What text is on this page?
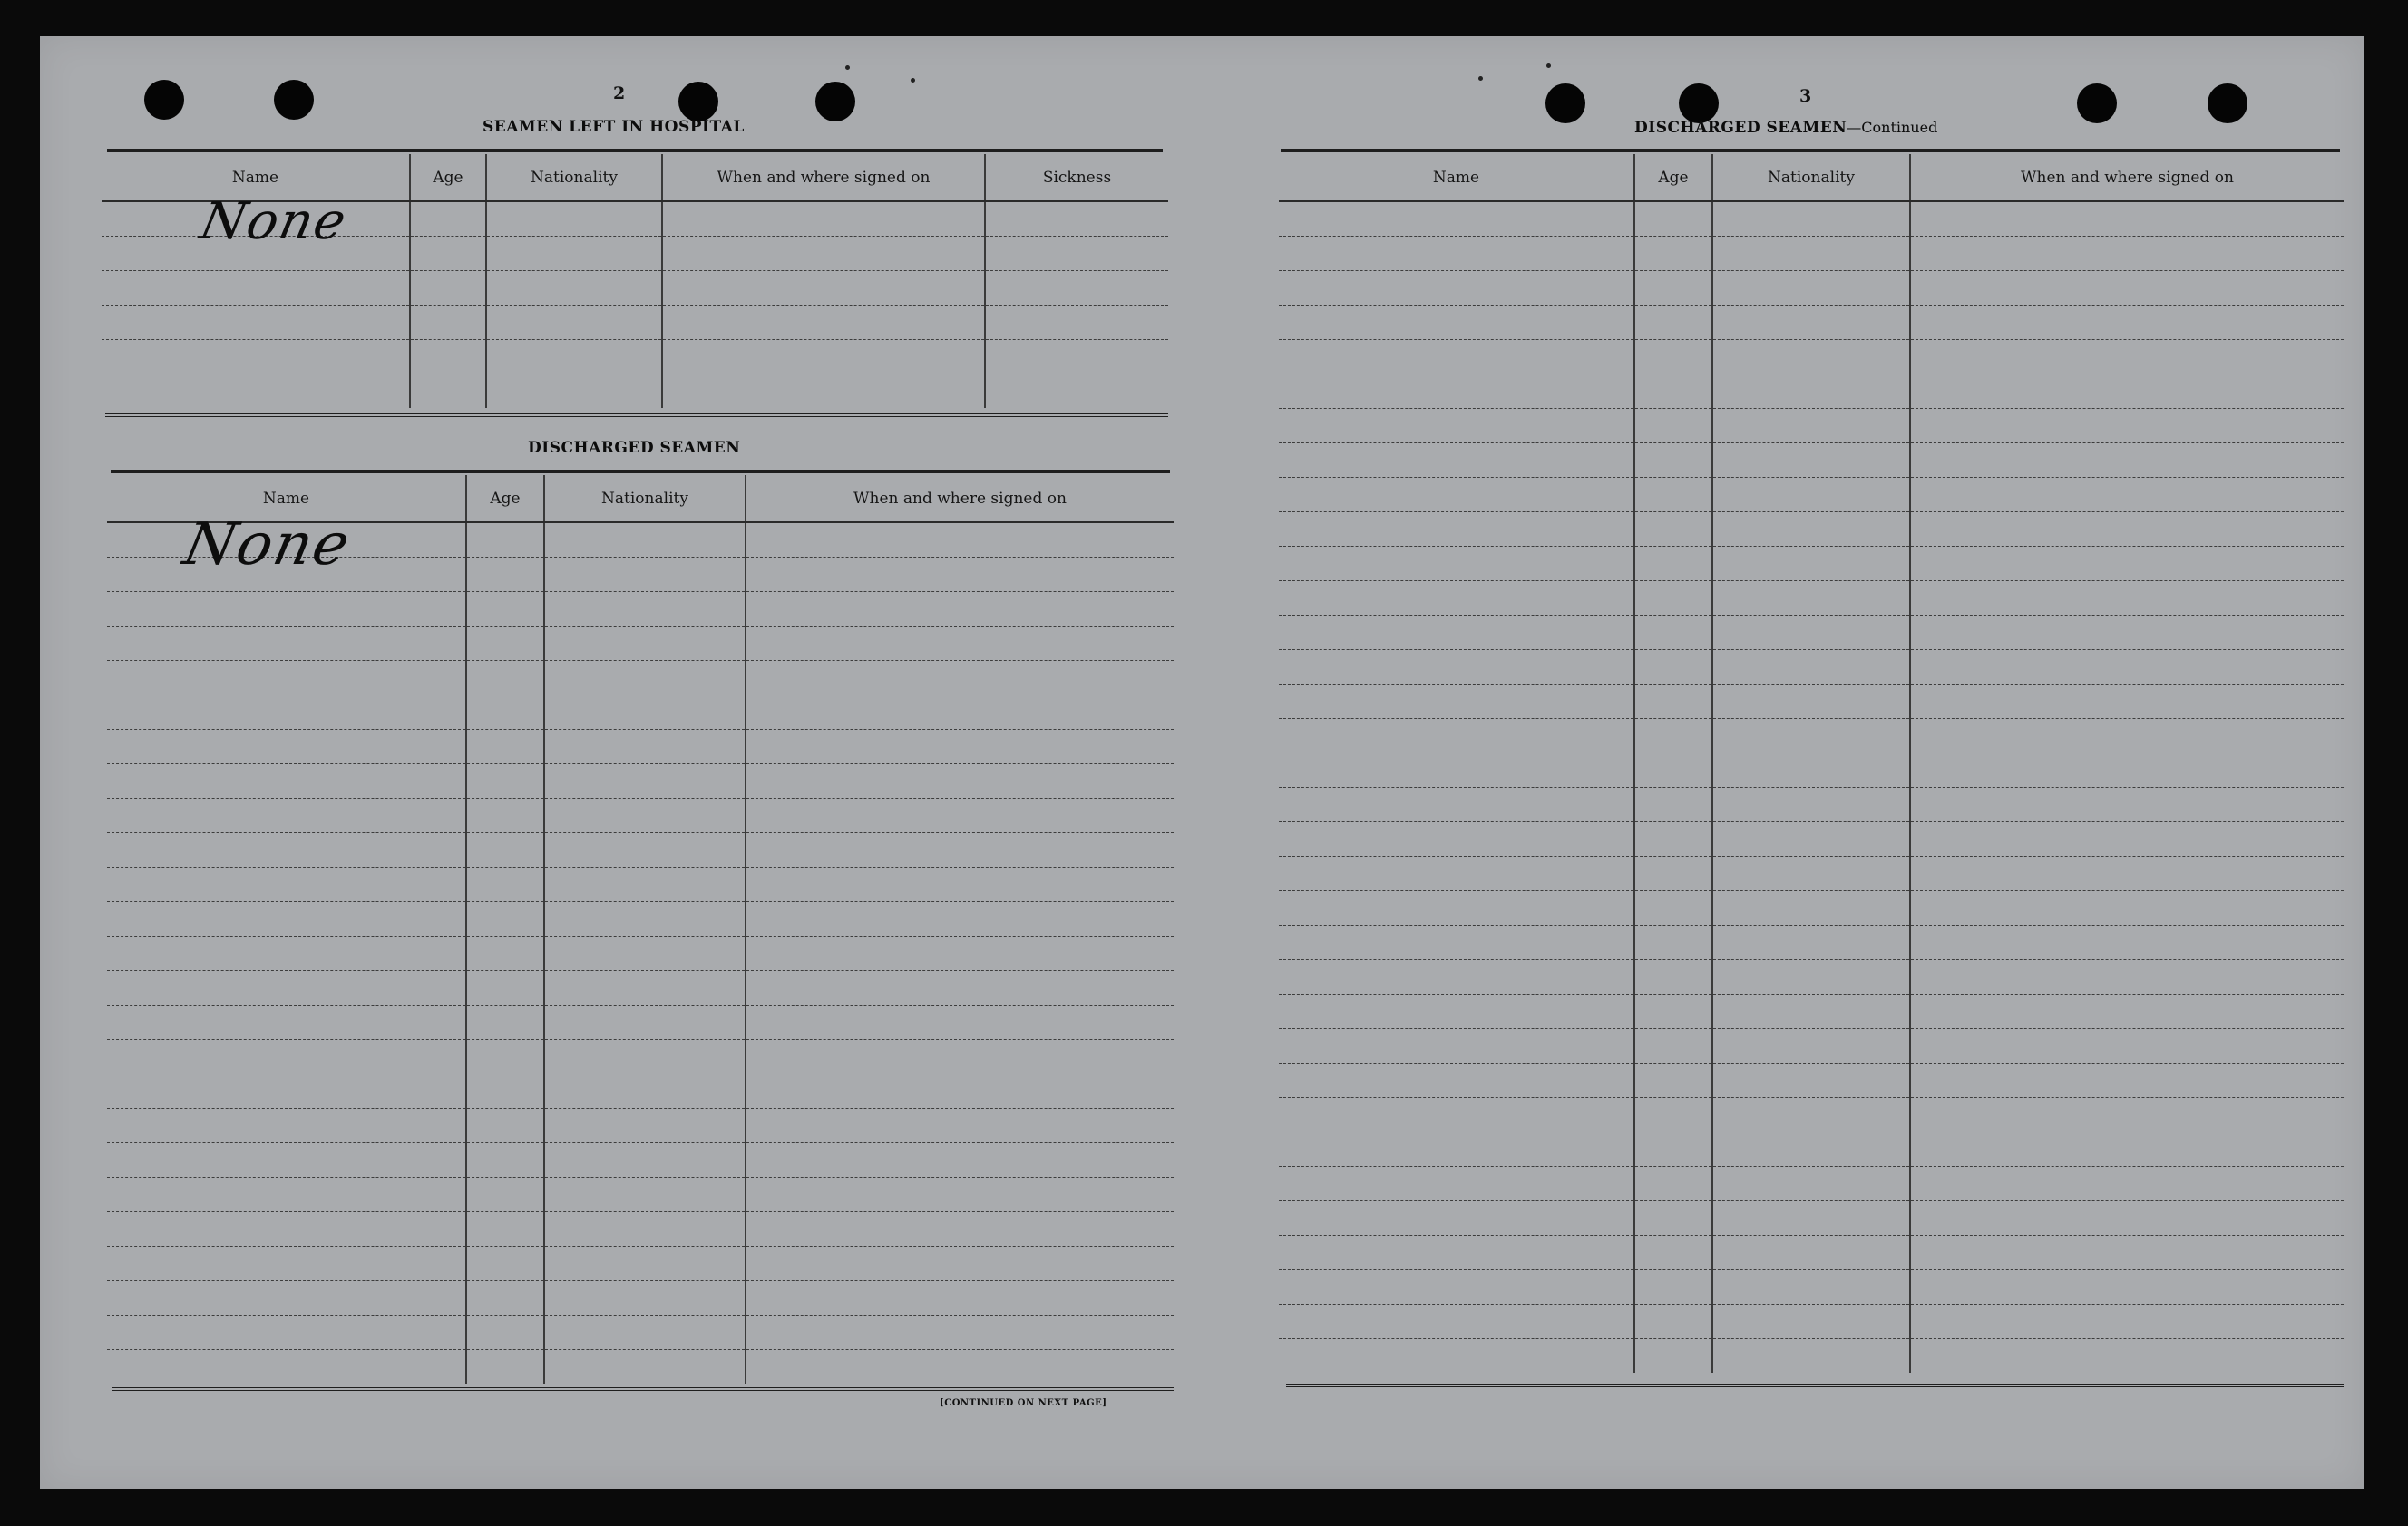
2
SEAMEN LEFT IN HOSPITAL
Name	Age	Nationality	When and where signed on	Sickness

None
DISCHARGED SEAMEN
Name	Age	Nationality	When and where signed on

None
[CONTINUED ON NEXT PAGE]
3
DISCHARGED SEAMEN—Continued
Name	Age	Nationality	When and where signed on
